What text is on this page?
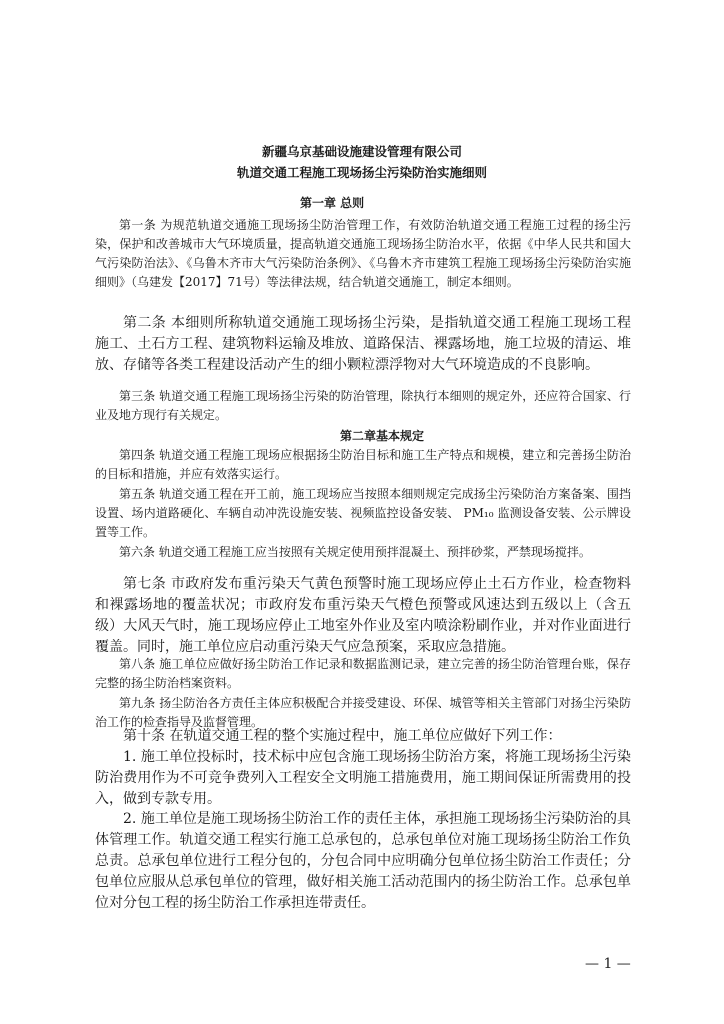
新疆乌京基础设施建设管理有限公司
轨道交通工程施工现场扬尘污染防治实施细则
第一章 总则

第一条 为规范轨道交通施工现场扬尘防治管理工作，有效防治轨道交通工程施工过程的扬尘污染，保护和改善城市大气环境质量，提高轨道交通施工现场扬尘防治水平，依据《中华人民共和国大气污染防治法》、《乌鲁木齐市大气污染防治条例》、《乌鲁木齐市建筑工程施工现场扬尘污染防治实施细则》（乌建发【2017】71号）等法律法规，结合轨道交通施工，制定本细则。

第二条 本细则所称轨道交通施工现场扬尘污染，是指轨道交通工程施工现场工程施工、土石方工程、建筑物料运输及堆放、道路保洁、裸露场地，施工垃圾的清运、堆放、存储等各类工程建设活动产生的细小颗粒漂浮物对大气环境造成的不良影响。

第三条 轨道交通工程施工现场扬尘污染的防治管理，除执行本细则的规定外，还应符合国家、行业及地方现行有关规定。

第二章基本规定

第四条 轨道交通工程施工现场应根据扬尘防治目标和施工生产特点和规模，建立和完善扬尘防治的目标和措施，并应有效落实运行。

第五条 轨道交通工程在开工前，施工现场应当按照本细则规定完成扬尘污染防治方案备案、围挡设置、场内道路硬化、车辆自动冲洗设施安装、视频监控设备安装、 PM₁₀ 监测设备安装、公示牌设置等工作。

第六条 轨道交通工程施工应当按照有关规定使用预拌混凝土、预拌砂浆，严禁现场搅拌。

第七条 市政府发布重污染天气黄色预警时施工现场应停止土石方作业，检查物料和裸露场地的覆盖状况；市政府发布重污染天气橙色预警或风速达到五级以上（含五级）大风天气时，施工现场应停止工地室外作业及室内喷涂粉刷作业，并对作业面进行覆盖。同时，施工单位应启动重污染天气应急预案，采取应急措施。

第八条 施工单位应做好扬尘防治工作记录和数据监测记录，建立完善的扬尘防治管理台账，保存完整的扬尘防治档案资料。

第九条 扬尘防治各方责任主体应积极配合并接受建设、环保、城管等相关主管部门对扬尘污染防治工作的检查指导及监督管理。

第十条 在轨道交通工程的整个实施过程中，施工单位应做好下列工作：

1. 施工单位投标时，技术标中应包含施工现场扬尘防治方案，将施工现场扬尘污染防治费用作为不可竞争费列入工程安全文明施工措施费用，施工期间保证所需费用的投入，做到专款专用。

2. 施工单位是施工现场扬尘防治工作的责任主体，承担施工现场扬尘污染防治的具体管理工作。轨道交通工程实行施工总承包的，总承包单位对施工现场扬尘防治工作负总责。总承包单位进行工程分包的，分包合同中应明确分包单位扬尘防治工作责任；分包单位应服从总承包单位的管理，做好相关施工活动范围内的扬尘防治工作。总承包单位对分包工程的扬尘防治工作承担连带责任。

— 1 —
